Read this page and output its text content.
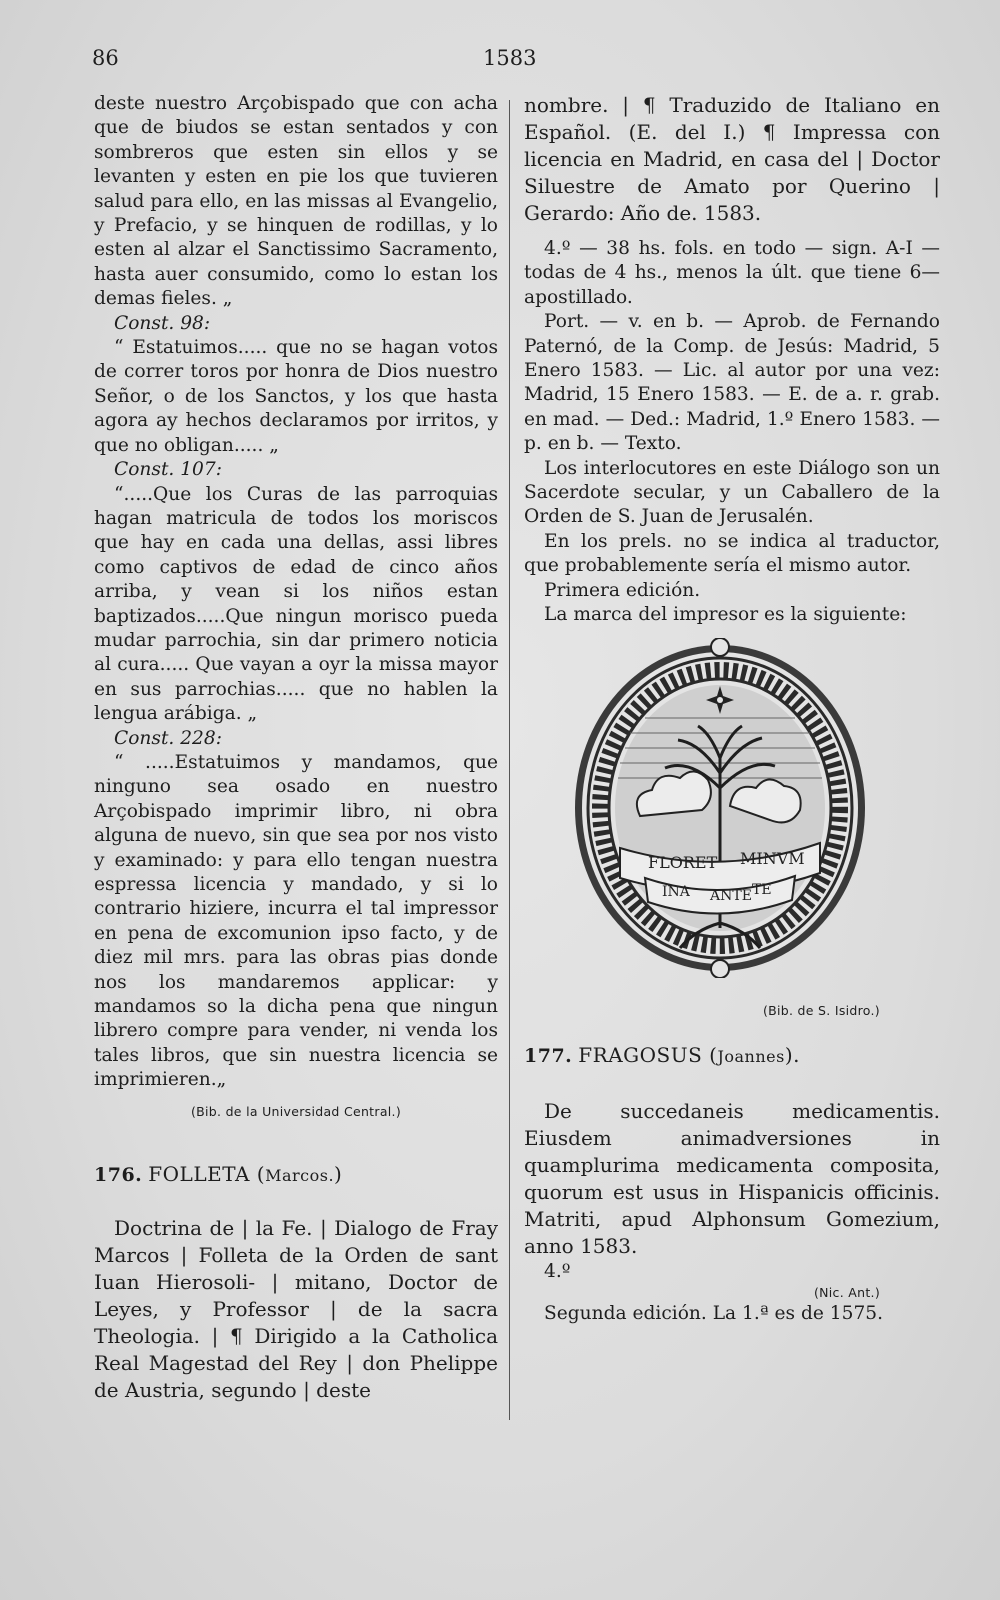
86	1583

deste nuestro Arçobispado que con acha que de biudos se estan sentados y con sombreros que esten sin ellos y se levanten y esten en pie los que tuvieren salud para ello, en las missas al Evangelio, y Prefacio, y se hinquen de rodillas, y lo esten al alzar el Sanctissimo Sacramento, hasta auer consumido, como lo estan los demas fieles. „

Const. 98:

“ Estatuimos..... que no se hagan votos de correr toros por honra de Dios nuestro Señor, o de los Sanctos, y los que hasta agora ay hechos declaramos por irritos, y que no obligan..... „

Const. 107:

“.....Que los Curas de las parroquias hagan matricula de todos los moriscos que hay en cada una dellas, assi libres como captivos de edad de cinco años arriba, y vean si los niños estan baptizados.....Que ningun morisco pueda mudar parrochia, sin dar primero noticia al cura..... Que vayan a oyr la missa mayor en sus parrochias..... que no hablen la lengua arábiga. „

Const. 228:

“ .....Estatuimos y mandamos, que ninguno sea osado en nuestro Arçobispado imprimir libro, ni obra alguna de nuevo, sin que sea por nos visto y examinado: y para ello tengan nuestra espressa licencia y mandado, y si lo contrario hiziere, incurra el tal impressor en pena de excomunion ipso facto, y de diez mil mrs. para las obras pias donde nos los mandaremos applicar: y mandamos so la dicha pena que ningun librero compre para vender, ni venda los tales libros, que sin nuestra licencia se imprimieren.„

(Bib. de la Universidad Central.)

176. FOLLETA (Marcos.)

Doctrina de | la Fe. | Dialogo de Fray Marcos | Folleta de la Orden de sant Iuan Hierosoli- | mitano, Doctor de Leyes, y Professor | de la sacra Theologia. | ¶ Dirigido a la Catholica Real Magestad del Rey | don Phelippe de Austria, segundo | deste

nombre. | ¶ Traduzido de Italiano en Español. (E. del I.) ¶ Impressa con licencia en Madrid, en casa del | Doctor Siluestre de Amato por Querino | Gerardo: Año de. 1583.

4.º — 38 hs. fols. en todo — sign. A-I — todas de 4 hs., menos la últ. que tiene 6— apostillado.

Port. — v. en b. — Aprob. de Fernando Paternó, de la Comp. de Jesús: Madrid, 5 Enero 1583. — Lic. al autor por una vez: Madrid, 15 Enero 1583. — E. de a. r. grab. en mad. — Ded.: Madrid, 1.º Enero 1583. — p. en b. — Texto.

Los interlocutores en este Diálogo son un Sacerdote secular, y un Caballero de la Orden de S. Juan de Jerusalén.

En los prels. no se indica al traductor, que probablemente sería el mismo autor.

Primera edición.

La marca del impresor es la siguiente:

FLORET MINVM
INA ANTE TE

(Bib. de S. Isidro.)

177. FRAGOSUS (Joannes).

De succedaneis medicamentis. Eiusdem animadversiones in quamplurima medicamenta composita, quorum est usus in Hispanicis officinis. Matriti, apud Alphonsum Gomezium, anno 1583.

4.º

(Nic. Ant.)

Segunda edición. La 1.ª es de 1575.
